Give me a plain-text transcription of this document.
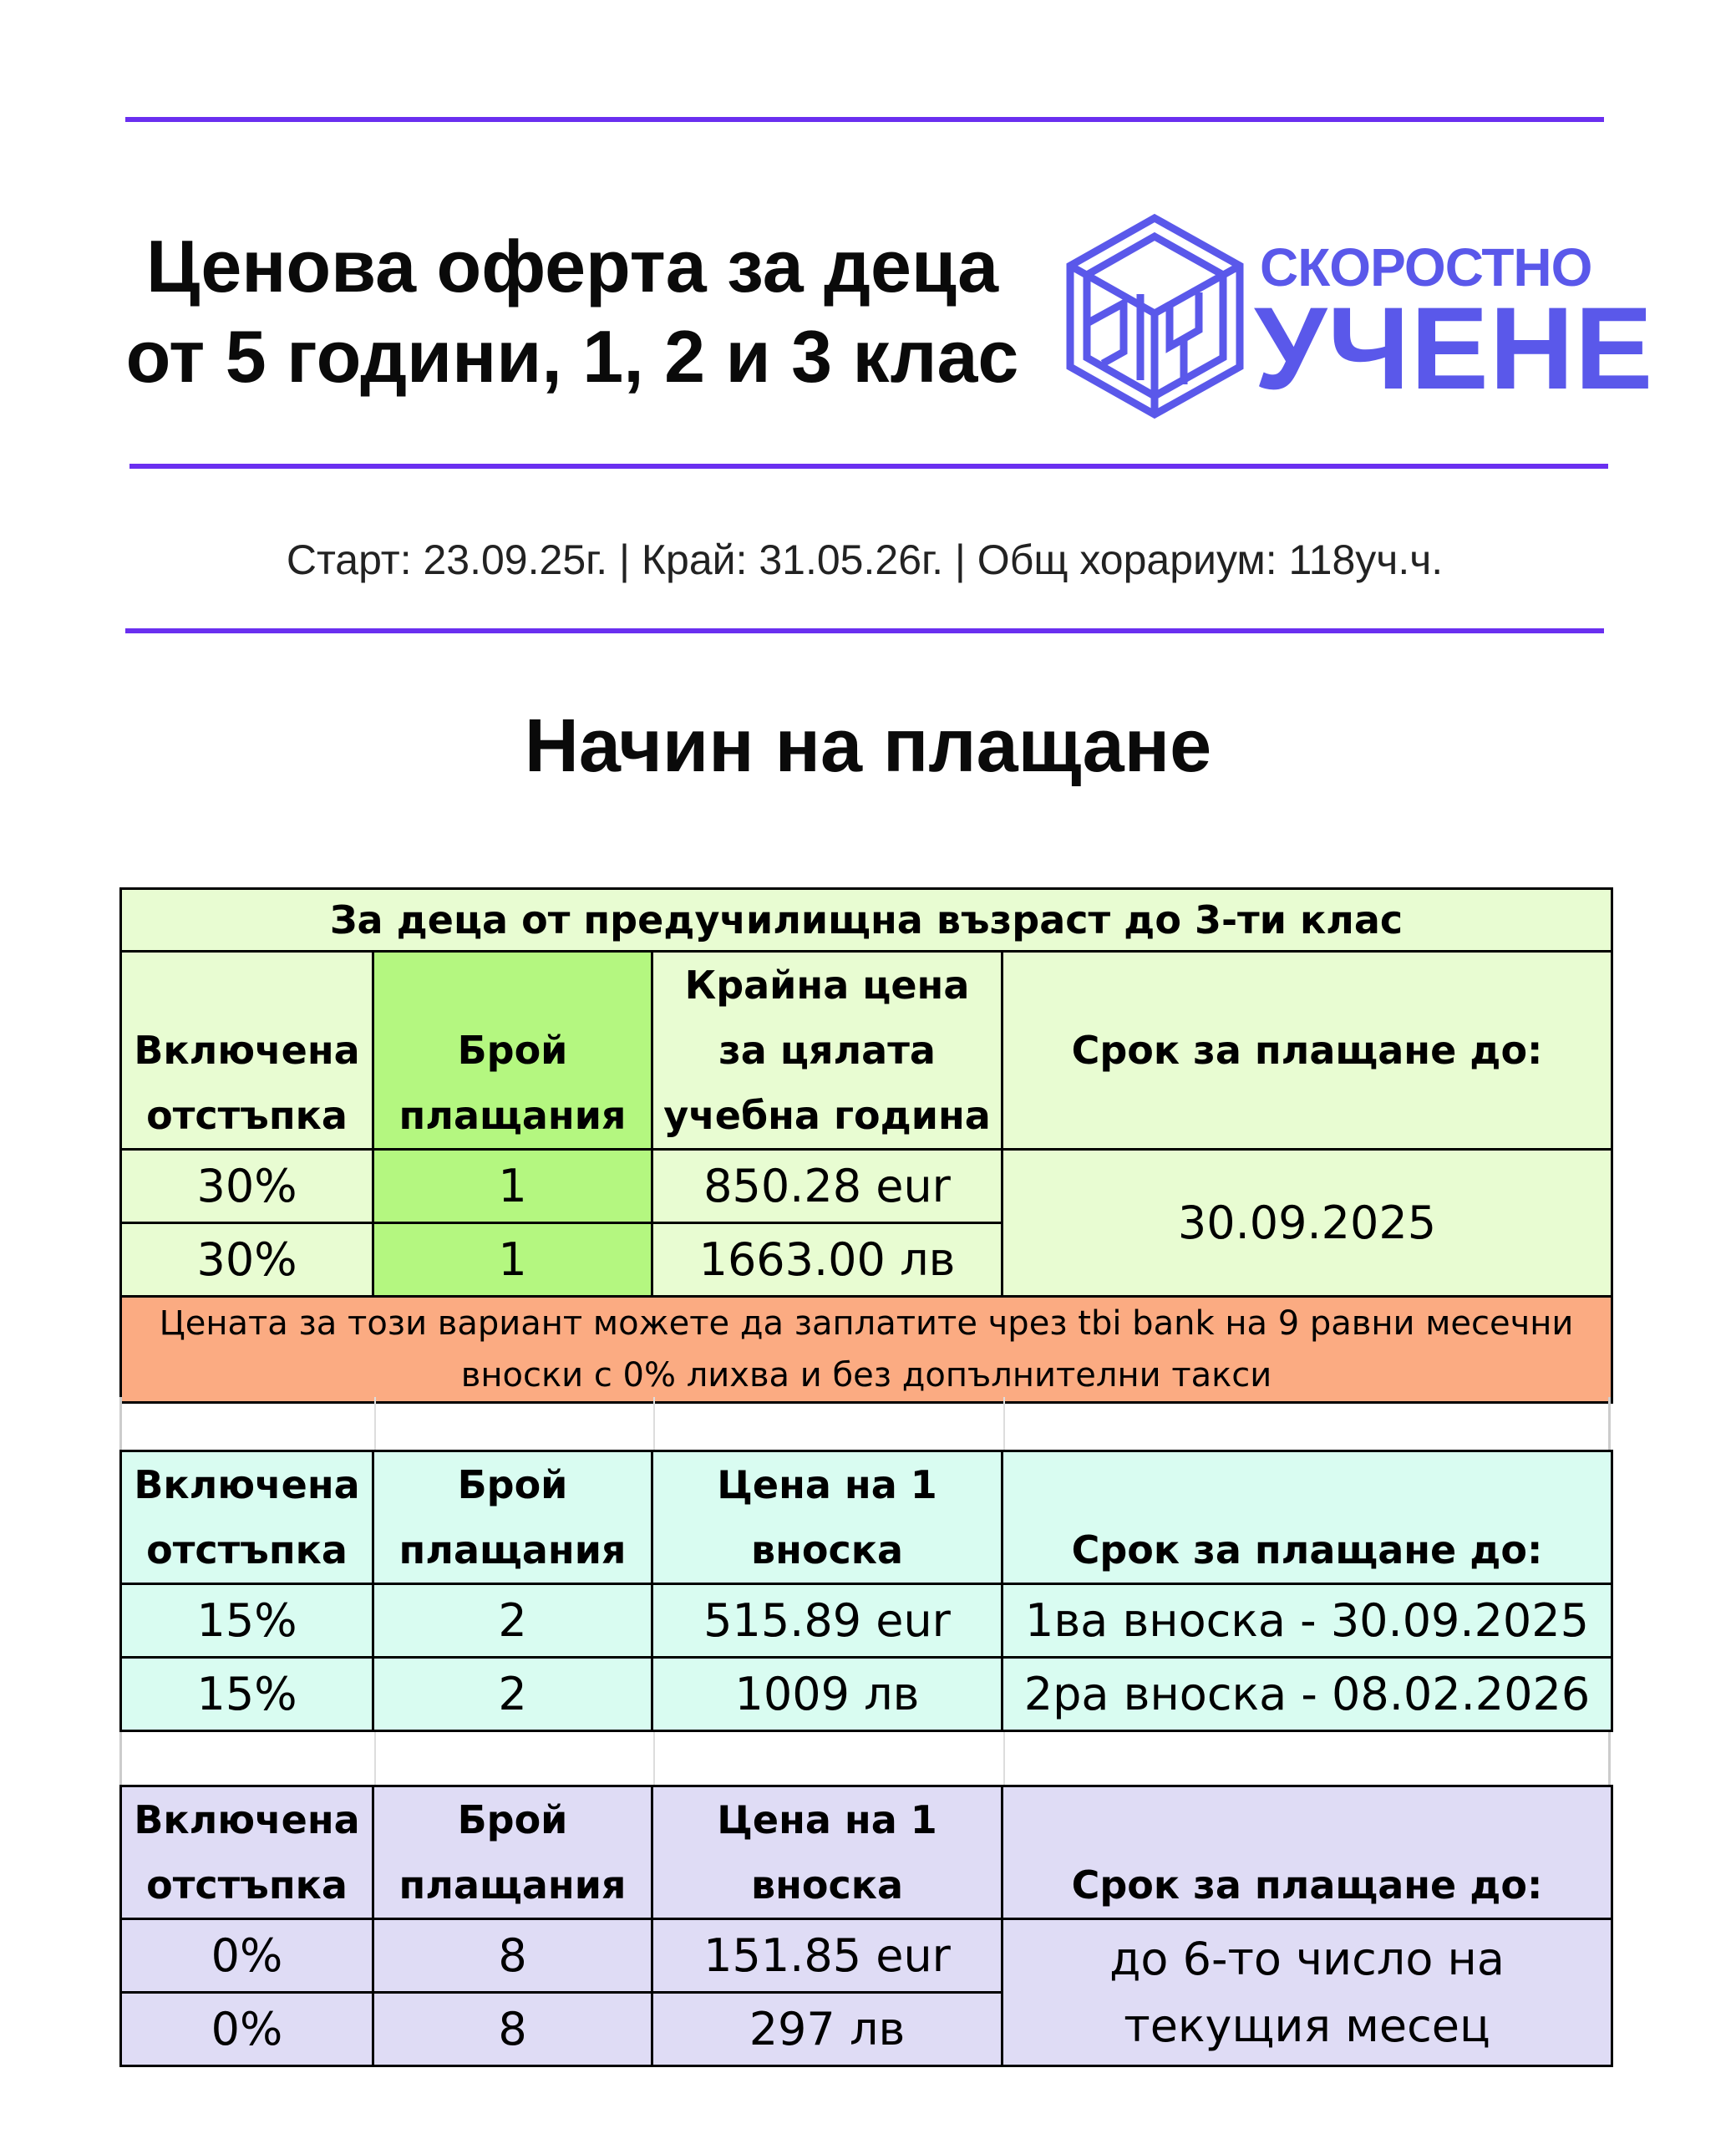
Ценова оферта за деца
от 5 години, 1, 2 и 3 клас
СКОРОСТНО
УЧЕНЕ
Старт: 23.09.25г. | Край: 31.05.26г. | Общ хорариум: 118уч.ч.
Начин на плащане
За деца от предучилищна възраст до 3-ти клас			
Включена отстъпка	Брой плащания	Крайна цена за цялата учебна година	Срок за плащане до:
30%	1	850.28 eur	30.09.2025
30%	1	1663.00 лв	
Цената за този вариант можете да заплатите чрез tbi bank на 9 равни месечни вноски с 0% лихва и без допълнителни такси			
Включена отстъпка	Брой плащания	Цена на 1 вноска	Срок за плащане до:
15%	2	515.89 eur	1ва вноска - 30.09.2025
15%	2	1009 лв	2ра вноска - 08.02.2026
Включена отстъпка	Брой плащания	Цена на 1 вноска	Срок за плащане до:
0%	8	151.85 eur	до 6-то число на текущия месец
0%	8	297 лв	
